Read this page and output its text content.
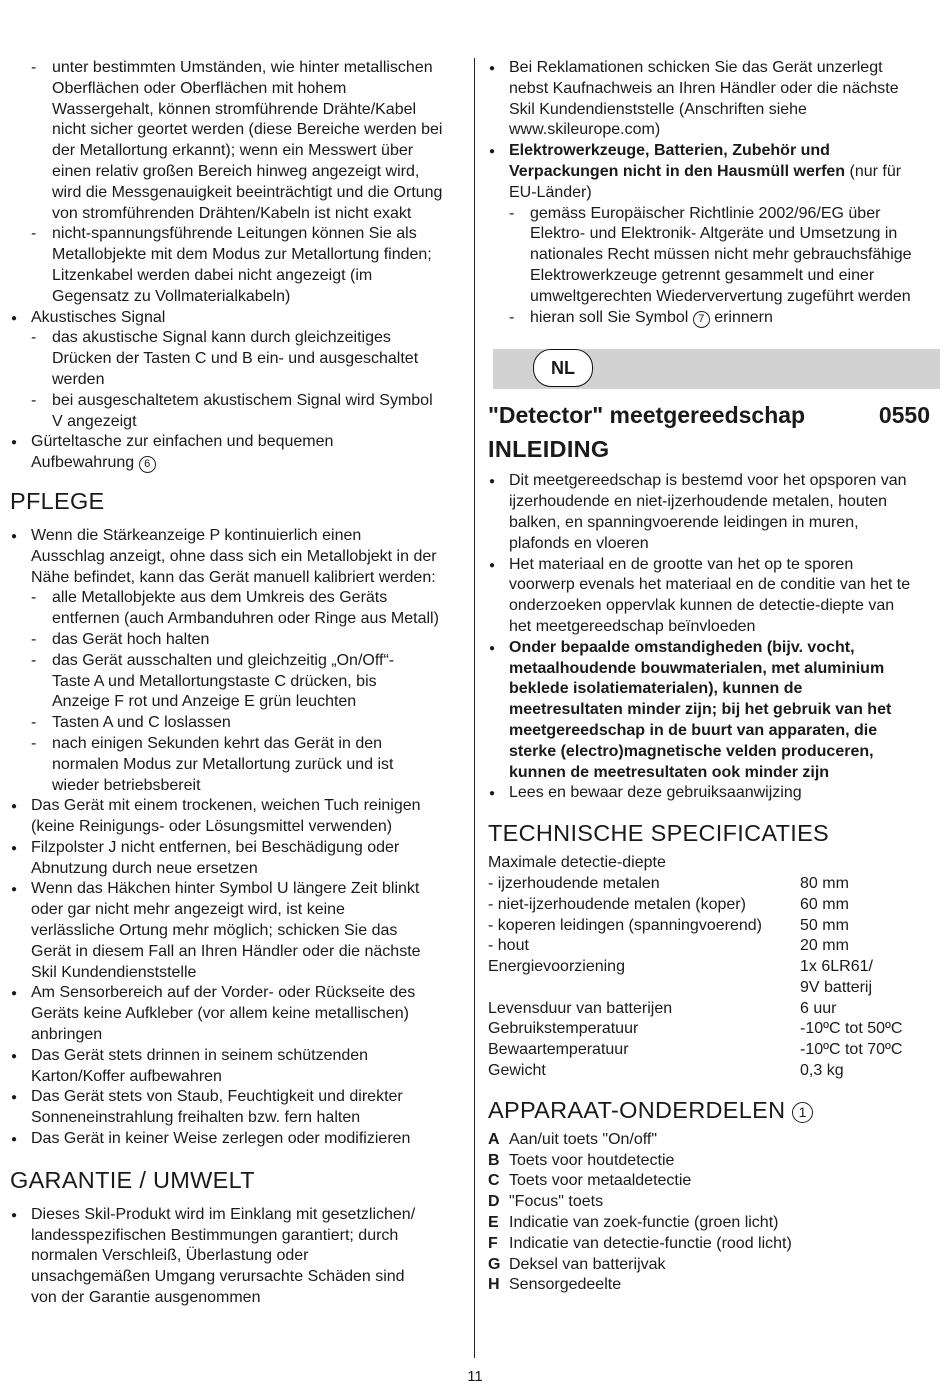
- unter bestimmten Umständen, wie hinter metallischen

Oberflächen oder Oberflächen mit hohem

Wassergehalt, können stromführende Drähte/Kabel

nicht sicher geortet werden (diese Bereiche werden bei

der Metallortung erkannt); wenn ein Messwert über

einen relativ großen Bereich hinweg angezeigt wird,

wird die Messgenauigkeit beeinträchtigt und die Ortung

von stromführenden Drähten/Kabeln ist nicht exakt

- nicht-spannungsführende Leitungen können Sie als

Metallobjekte mit dem Modus zur Metallortung finden;

Litzenkabel werden dabei nicht angezeigt (im

Gegensatz zu Vollmaterialkabeln)

● Akustisches Signal

- das akustische Signal kann durch gleichzeitiges

Drücken der Tasten C und B ein- und ausgeschaltet

werden

- bei ausgeschaltetem akustischem Signal wird Symbol

V angezeigt

● Gürteltasche zur einfachen und bequemen

Aufbewahrung 6

PFLEGE

● Wenn die Stärkeanzeige P kontinuierlich einen

Ausschlag anzeigt, ohne dass sich ein Metallobjekt in der

Nähe befindet, kann das Gerät manuell kalibriert werden:

- alle Metallobjekte aus dem Umkreis des Geräts

entfernen (auch Armbanduhren oder Ringe aus Metall)

- das Gerät hoch halten

- das Gerät ausschalten und gleichzeitig „On/Off“-

Taste A und Metallortungstaste C drücken, bis

Anzeige F rot und Anzeige E grün leuchten

- Tasten A und C loslassen

- nach einigen Sekunden kehrt das Gerät in den

normalen Modus zur Metallortung zurück und ist

wieder betriebsbereit

● Das Gerät mit einem trockenen, weichen Tuch reinigen

(keine Reinigungs- oder Lösungsmittel verwenden)

● Filzpolster J nicht entfernen, bei Beschädigung oder

Abnutzung durch neue ersetzen

● Wenn das Häkchen hinter Symbol U längere Zeit blinkt

oder gar nicht mehr angezeigt wird, ist keine

verlässliche Ortung mehr möglich; schicken Sie das

Gerät in diesem Fall an Ihren Händler oder die nächste

Skil Kundendienststelle

● Am Sensorbereich auf der Vorder- oder Rückseite des

Geräts keine Aufkleber (vor allem keine metallischen)

anbringen

● Das Gerät stets drinnen in seinem schützenden

Karton/Koffer aufbewahren

● Das Gerät stets von Staub, Feuchtigkeit und direkter

Sonneneinstrahlung freihalten bzw. fern halten

● Das Gerät in keiner Weise zerlegen oder modifizieren

GARANTIE / UMWELT

● Dieses Skil-Produkt wird im Einklang mit gesetzlichen/

landesspezifischen Bestimmungen garantiert; durch

normalen Verschleiß, Überlastung oder

unsachgemäßen Umgang verursachte Schäden sind

von der Garantie ausgenommen

● Bei Reklamationen schicken Sie das Gerät unzerlegt

nebst Kaufnachweis an Ihren Händler oder die nächste

Skil Kundendienststelle (Anschriften siehe

www.skileurope.com)

● Elektrowerkzeuge, Batterien, Zubehör und

Verpackungen nicht in den Hausmüll werfen (nur für

EU-Länder)

- gemäss Europäischer Richtlinie 2002/96/EG über

Elektro- und Elektronik- Altgeräte und Umsetzung in

nationales Recht müssen nicht mehr gebrauchsfähige

Elektrowerkzeuge getrennt gesammelt und einer

umweltgerechten Wiederververtung zugeführt werden

- hieran soll Sie Symbol 7 erinnern

NL
"Detector" meetgereedschap	0550
INLEIDING

● Dit meetgereedschap is bestemd voor het opsporen van

ijzerhoudende en niet-ijzerhoudende metalen, houten

balken, en spanningvoerende leidingen in muren,

plafonds en vloeren

● Het materiaal en de grootte van het op te sporen

voorwerp evenals het materiaal en de conditie van het te

onderzoeken oppervlak kunnen de detectie-diepte van

het meetgereedschap beïnvloeden

● Onder bepaalde omstandigheden (bijv. vocht,

metaalhoudende bouwmaterialen, met aluminium

beklede isolatiematerialen), kunnen de

meetresultaten minder zijn; bij het gebruik van het

meetgereedschap in de buurt van apparaten, die

sterke (electro)magnetische velden produceren,

kunnen de meetresultaten ook minder zijn

● Lees en bewaar deze gebruiksaanwijzing

TECHNISCHE SPECIFICATIES

Maximale detectie-diepte

- ijzerhoudende metalen	80 mm
- niet-ijzerhoudende metalen (koper)	60 mm
- koperen leidingen (spanningvoerend)	50 mm
- hout	20 mm
Energievoorziening	1x 6LR61/
9V batterij
Levensduur van batterijen	6 uur
Gebruikstemperatuur	-10ºC tot 50ºC
Bewaartemperatuur	-10ºC tot 70ºC
Gewicht	0,3 kg
APPARAAT-ONDERDELEN 1
A Aan/uit toets "On/off"
B Toets voor houtdetectie
C Toets voor metaaldetectie
D "Focus" toets
E Indicatie van zoek-functie (groen licht)
F Indicatie van detectie-functie (rood licht)
G Deksel van batterijvak
H Sensorgedeelte
11
